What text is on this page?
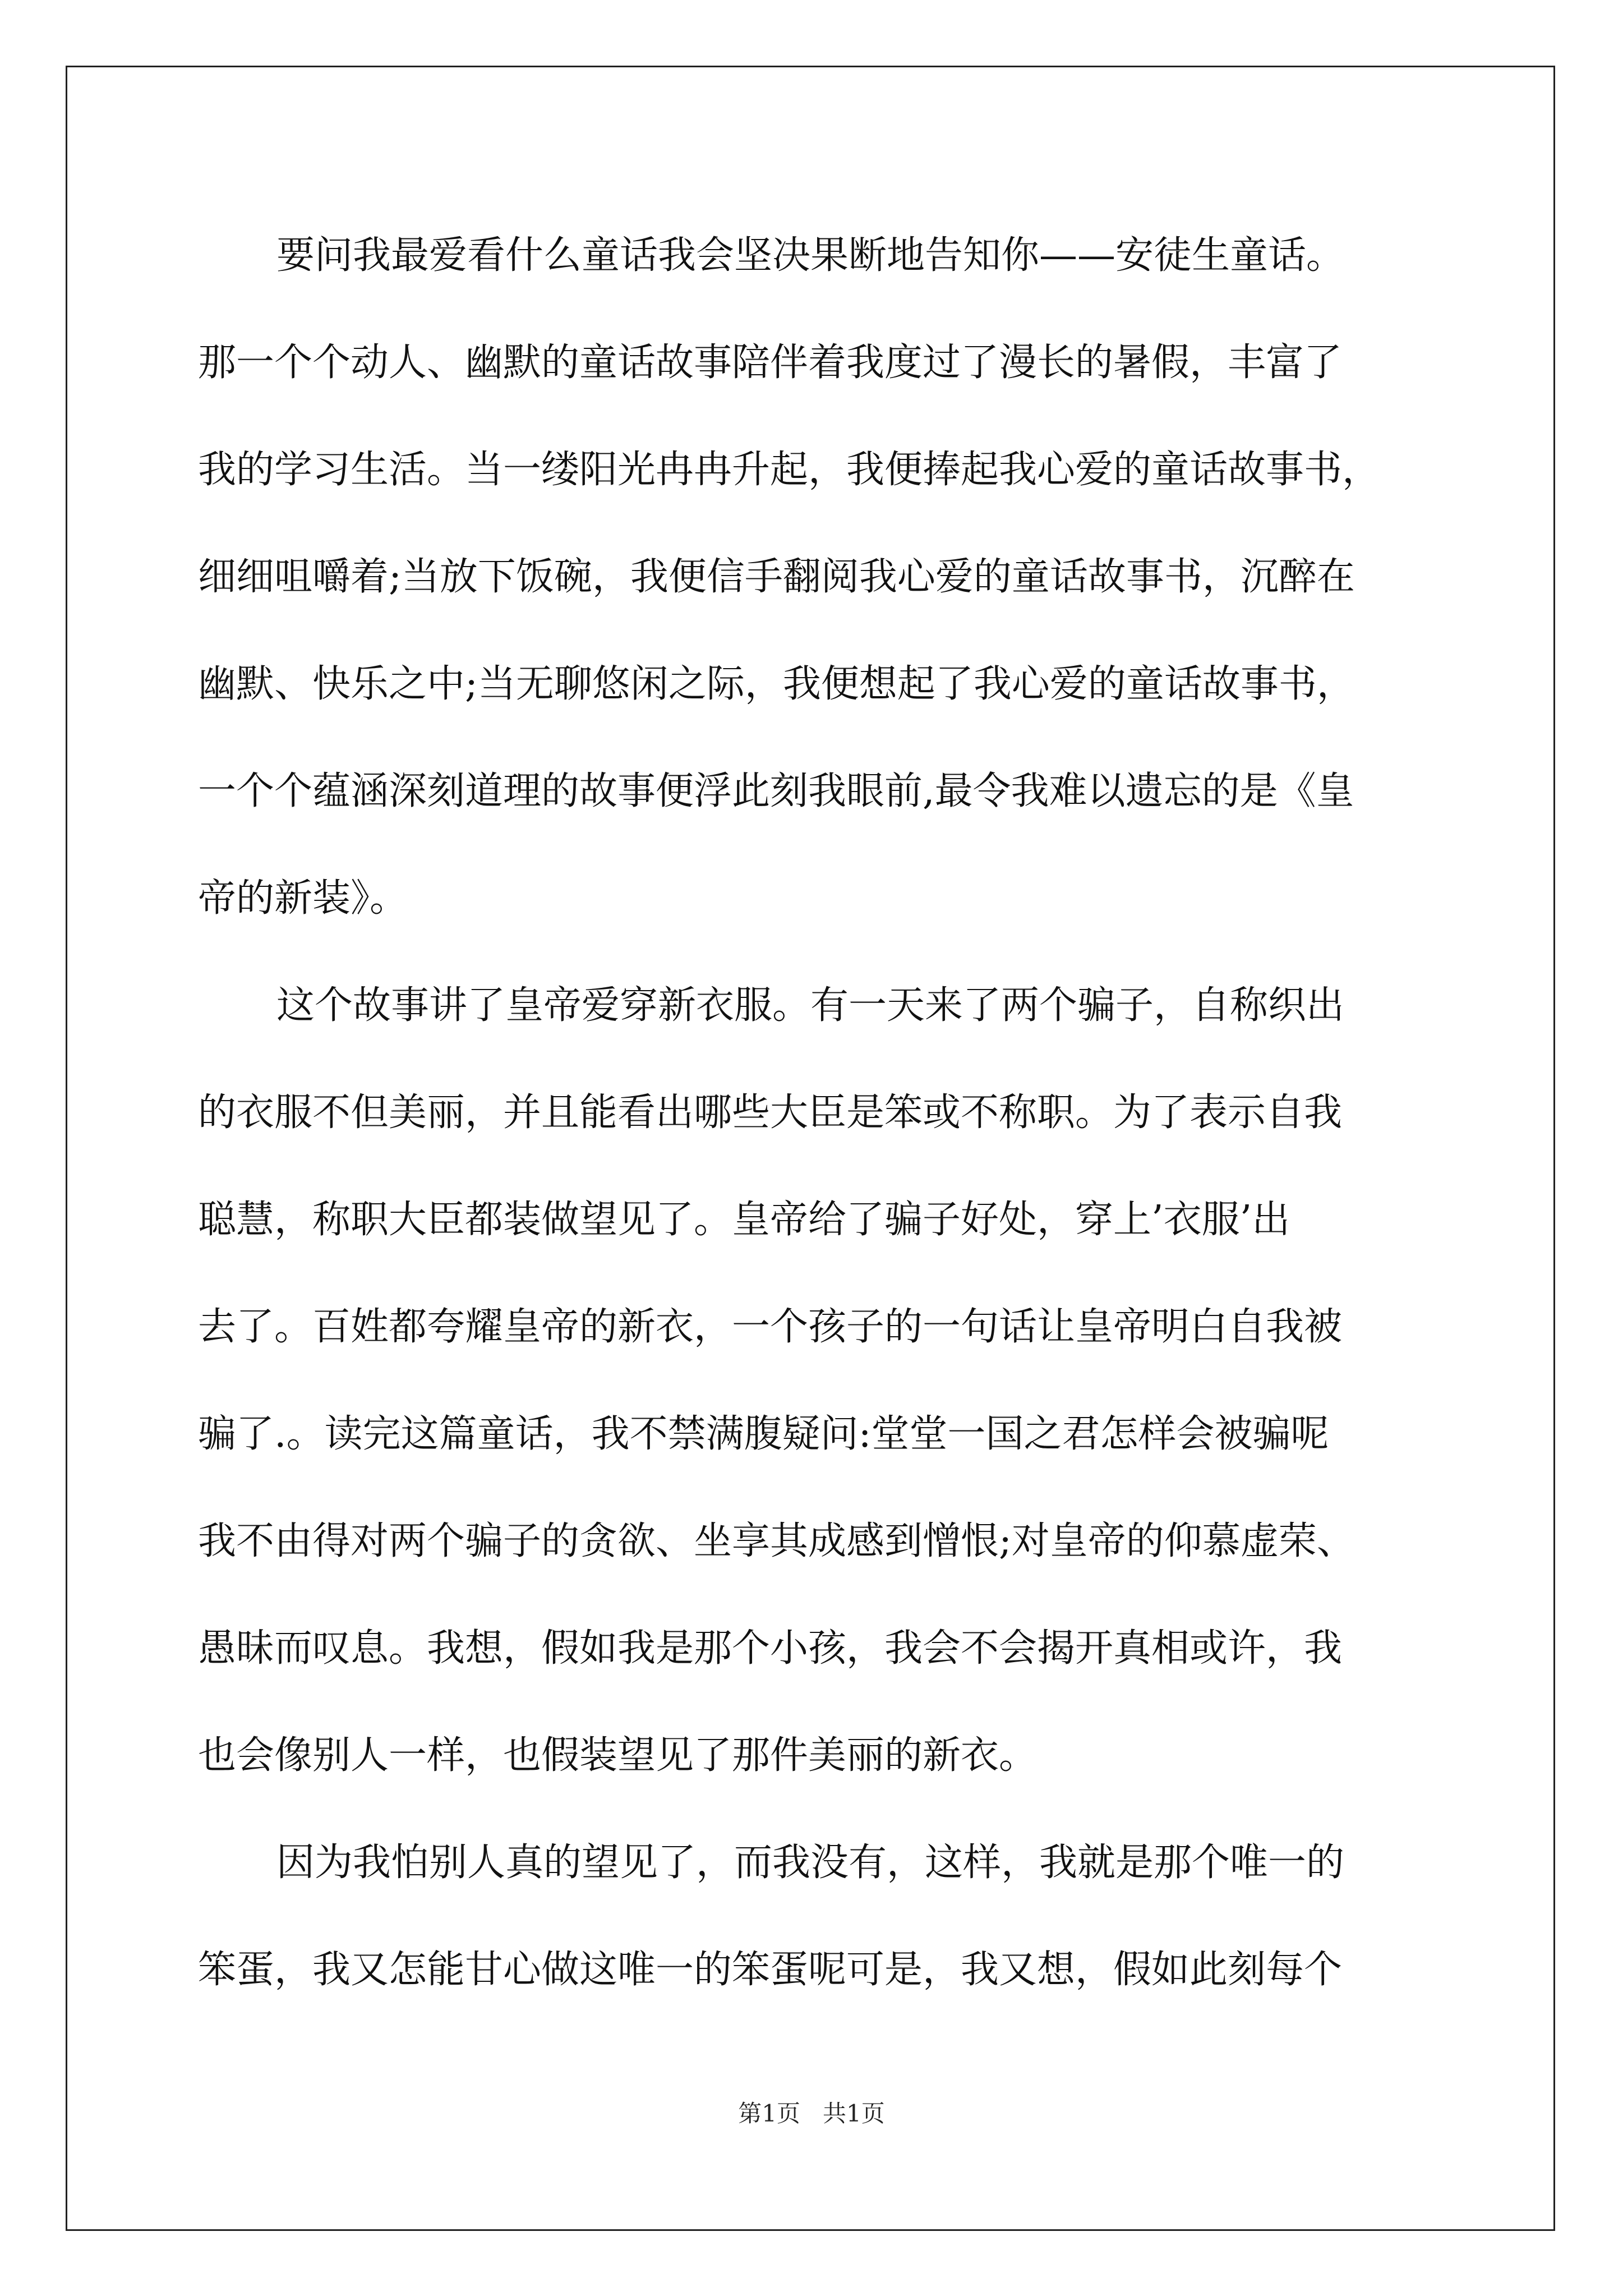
要问我最爱看什么童话我会坚决果断地告知你——安徒生童话。
那一个个动人、幽默的童话故事陪伴着我度过了漫长的暑假，丰富了
我的学习生活。当一缕阳光冉冉升起，我便捧起我心爱的童话故事书，
细细咀嚼着;当放下饭碗，我便信手翻阅我心爱的童话故事书，沉醉在
幽默、快乐之中;当无聊悠闲之际，我便想起了我心爱的童话故事书，
一个个蕴涵深刻道理的故事便浮此刻我眼前,最令我难以遗忘的是《皇
帝的新装》。
这个故事讲了皇帝爱穿新衣服。有一天来了两个骗子，自称织出
的衣服不但美丽，并且能看出哪些大臣是笨或不称职。为了表示自我
聪慧，称职大臣都装做望见了。皇帝给了骗子好处，穿上’衣服’出
去了。百姓都夸耀皇帝的新衣，一个孩子的一句话让皇帝明白自我被
骗了.。读完这篇童话，我不禁满腹疑问:堂堂一国之君怎样会被骗呢
我不由得对两个骗子的贪欲、坐享其成感到憎恨;对皇帝的仰慕虚荣、
愚昧而叹息。我想，假如我是那个小孩，我会不会揭开真相或许，我
也会像别人一样，也假装望见了那件美丽的新衣。
因为我怕别人真的望见了，而我没有，这样，我就是那个唯一的
笨蛋，我又怎能甘心做这唯一的笨蛋呢可是，我又想，假如此刻每个
第1页   共1页
